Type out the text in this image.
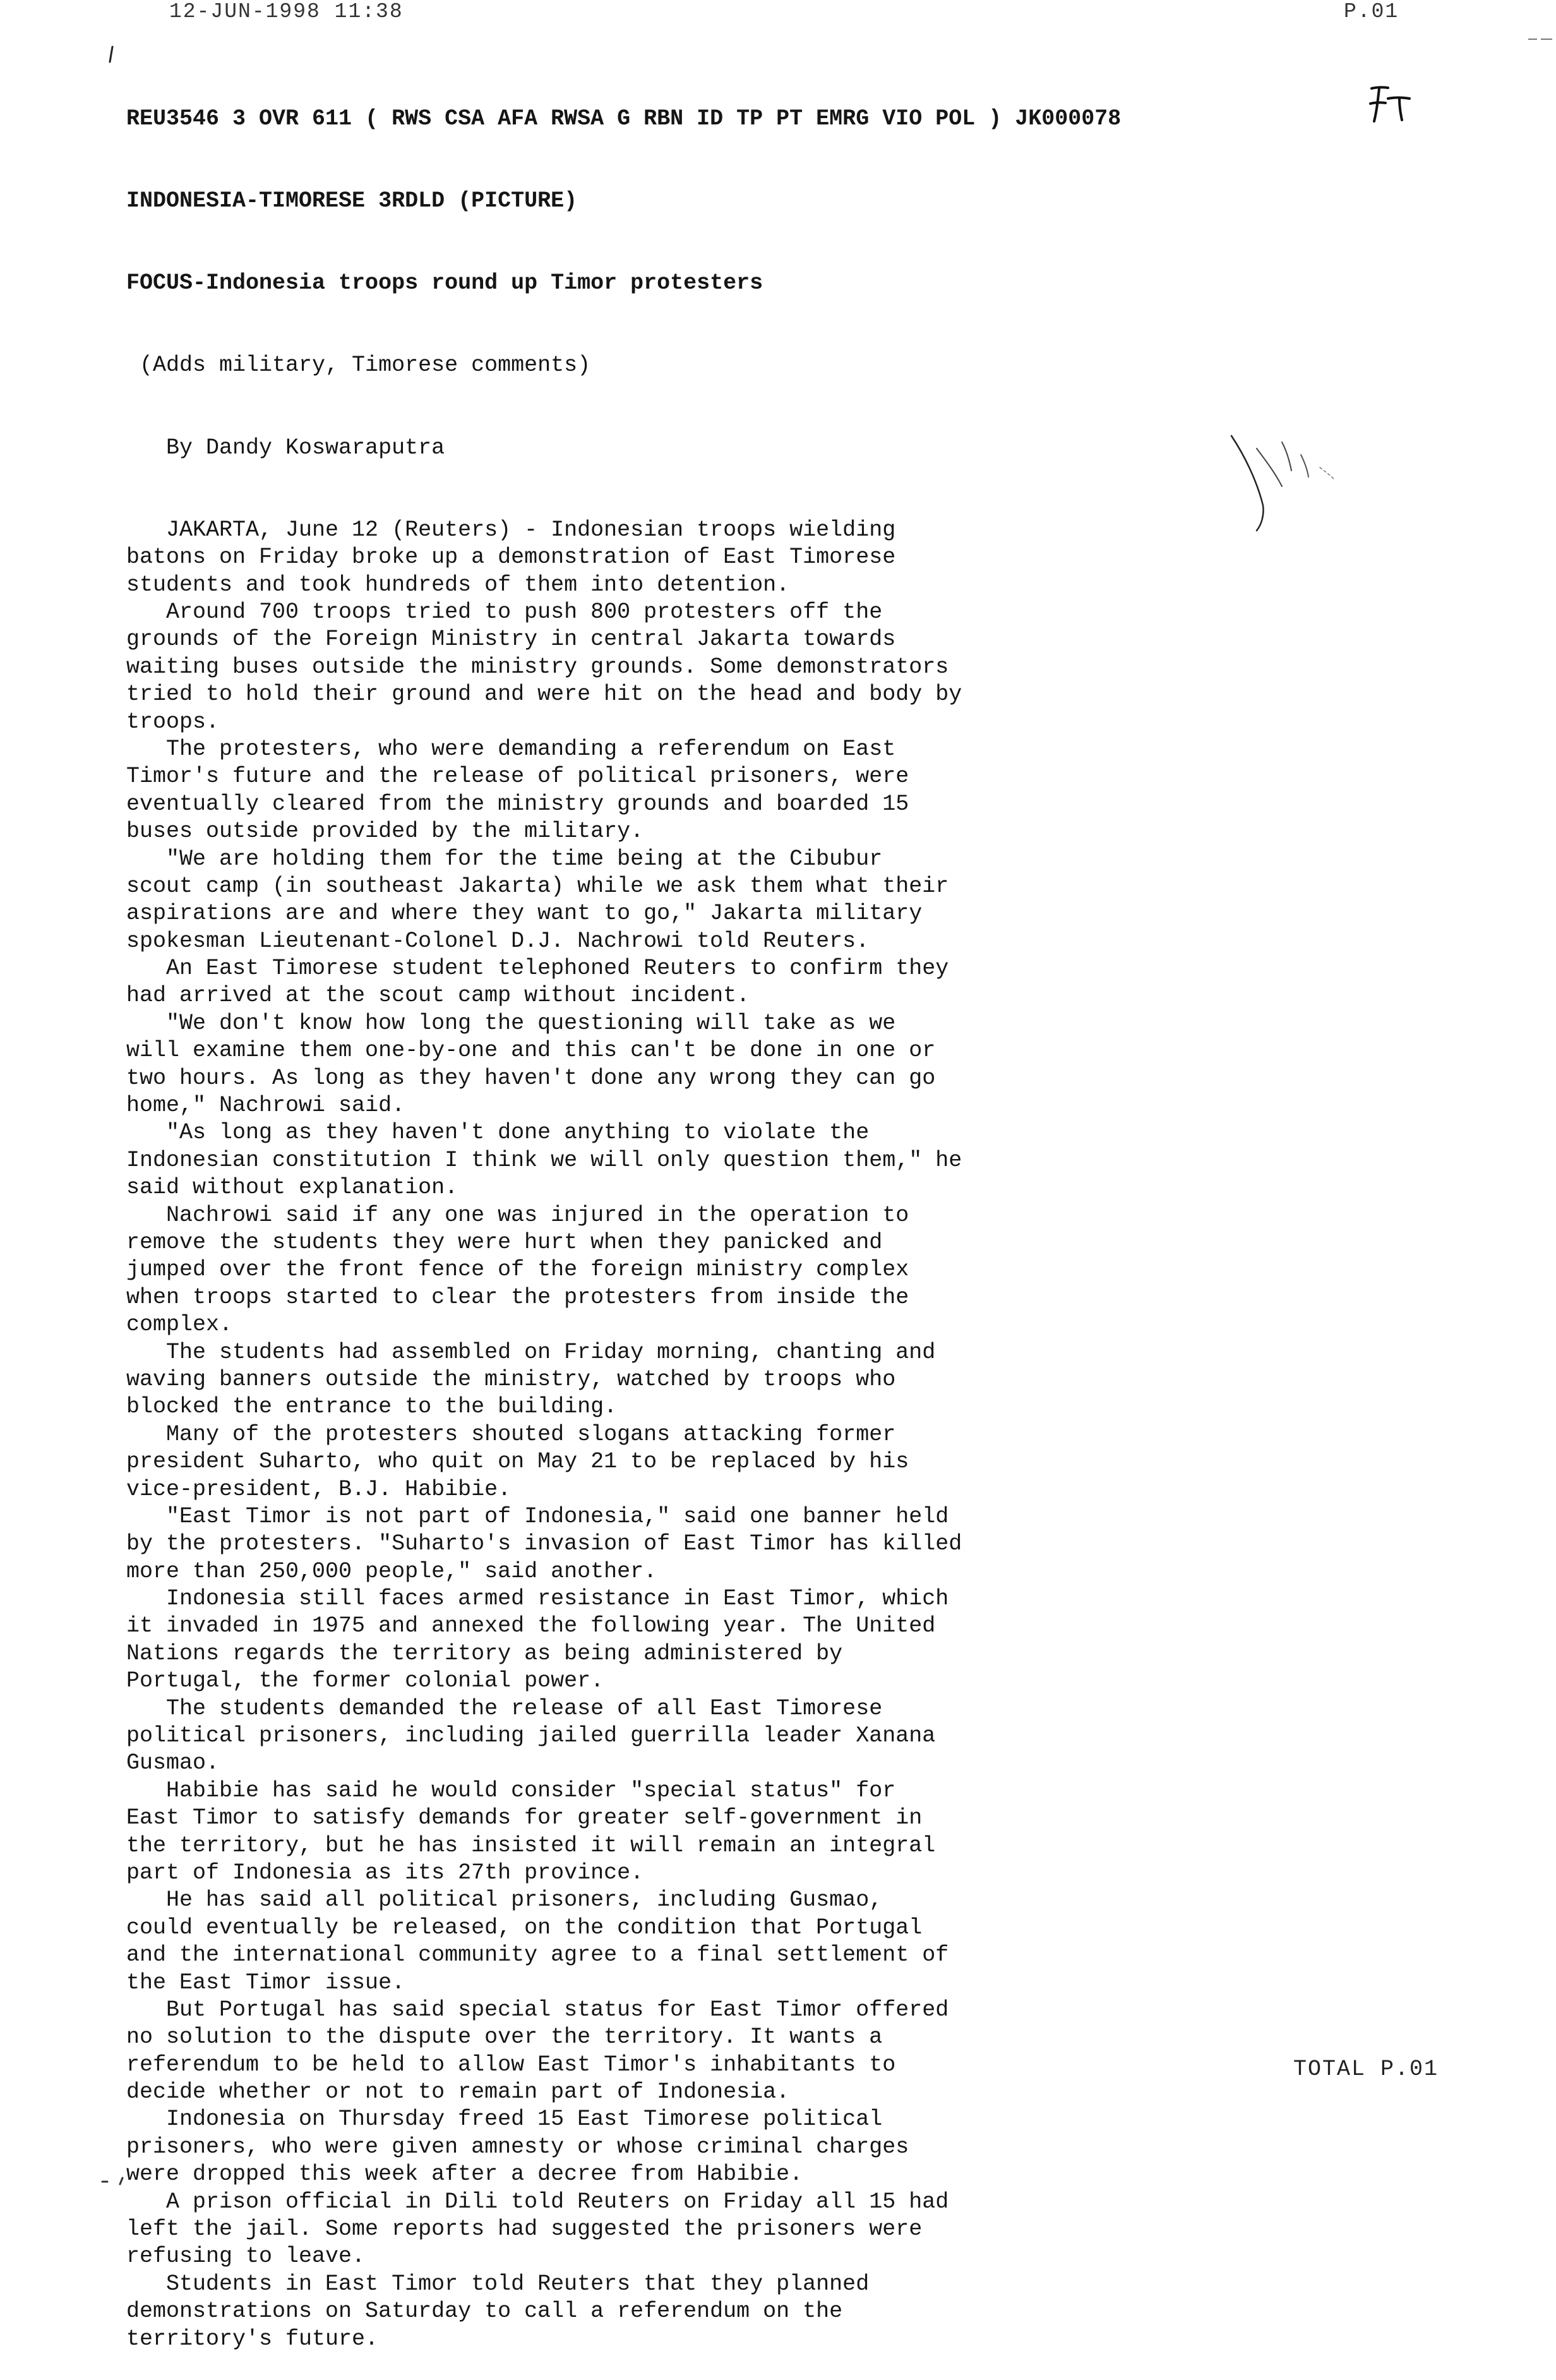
12-JUN-1998 11:38	P.01

REU3546 3 OVR 611 ( RWS CSA AFA RWSA G RBN ID TP PT EMRG VIO POL ) JK000078

INDONESIA-TIMORESE 3RDLD (PICTURE)

FOCUS-Indonesia troops round up Timor protesters

(Adds military, Timorese comments)

By Dandy Koswaraputra

JAKARTA, June 12 (Reuters) - Indonesian troops wielding
batons on Friday broke up a demonstration of East Timorese
students and took hundreds of them into detention.
Around 700 troops tried to push 800 protesters off the
grounds of the Foreign Ministry in central Jakarta towards
waiting buses outside the ministry grounds. Some demonstrators
tried to hold their ground and were hit on the head and body by
troops.
The protesters, who were demanding a referendum on East
Timor's future and the release of political prisoners, were
eventually cleared from the ministry grounds and boarded 15
buses outside provided by the military.
"We are holding them for the time being at the Cibubur
scout camp (in southeast Jakarta) while we ask them what their
aspirations are and where they want to go," Jakarta military
spokesman Lieutenant-Colonel D.J. Nachrowi told Reuters.
An East Timorese student telephoned Reuters to confirm they
had arrived at the scout camp without incident.
"We don't know how long the questioning will take as we
will examine them one-by-one and this can't be done in one or
two hours. As long as they haven't done any wrong they can go
home," Nachrowi said.
"As long as they haven't done anything to violate the
Indonesian constitution I think we will only question them," he
said without explanation.
Nachrowi said if any one was injured in the operation to
remove the students they were hurt when they panicked and
jumped over the front fence of the foreign ministry complex
when troops started to clear the protesters from inside the
complex.
The students had assembled on Friday morning, chanting and
waving banners outside the ministry, watched by troops who
blocked the entrance to the building.
Many of the protesters shouted slogans attacking former
president Suharto, who quit on May 21 to be replaced by his
vice-president, B.J. Habibie.
"East Timor is not part of Indonesia," said one banner held
by the protesters. "Suharto's invasion of East Timor has killed
more than 250,000 people," said another.
Indonesia still faces armed resistance in East Timor, which
it invaded in 1975 and annexed the following year. The United
Nations regards the territory as being administered by
Portugal, the former colonial power.
The students demanded the release of all East Timorese
political prisoners, including jailed guerrilla leader Xanana
Gusmao.
Habibie has said he would consider "special status" for
East Timor to satisfy demands for greater self-government in
the territory, but he has insisted it will remain an integral
part of Indonesia as its 27th province.
He has said all political prisoners, including Gusmao,
could eventually be released, on the condition that Portugal
and the international community agree to a final settlement of
the East Timor issue.
But Portugal has said special status for East Timor offered
no solution to the dispute over the territory. It wants a
referendum to be held to allow East Timor's inhabitants to
decide whether or not to remain part of Indonesia.
Indonesia on Thursday freed 15 East Timorese political
prisoners, who were given amnesty or whose criminal charges
were dropped this week after a decree from Habibie.
A prison official in Dili told Reuters on Friday all 15 had
left the jail. Some reports had suggested the prisoners were
refusing to leave.
Students in East Timor told Reuters that they planned
demonstrations on Saturday to call a referendum on the
territory's future.

TOTAL P.01
